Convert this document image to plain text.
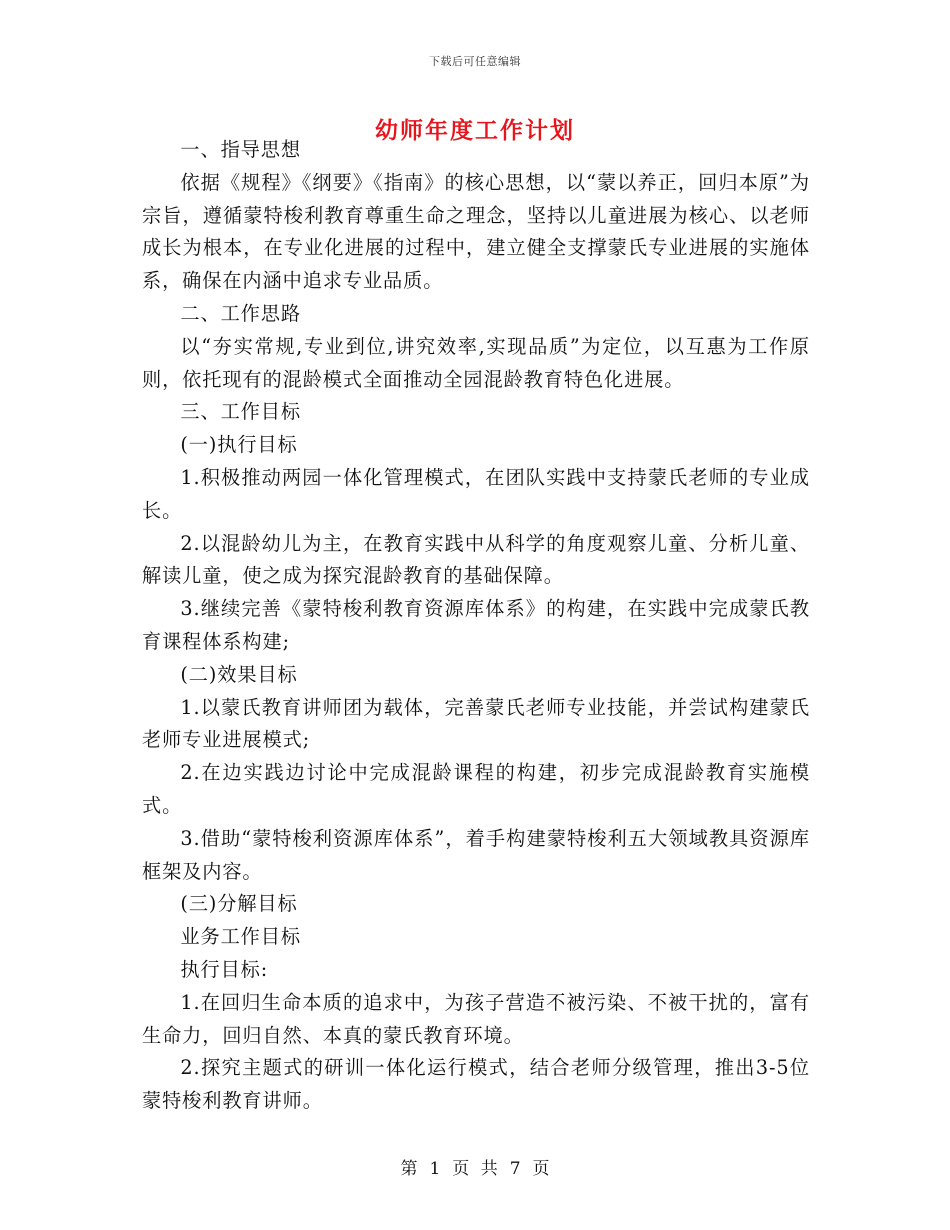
下载后可任意编辑
幼师年度工作计划

一、指导思想

依据《规程》《纲要》《指南》的核心思想，以“蒙以养正，回归本原”为宗旨，遵循蒙特梭利教育尊重生命之理念，坚持以儿童进展为核心、以老师成长为根本，在专业化进展的过程中，建立健全支撑蒙氏专业进展的实施体系，确保在内涵中追求专业品质。

二、工作思路

以“夯实常规,专业到位,讲究效率,实现品质”为定位，以互惠为工作原则，依托现有的混龄模式全面推动全园混龄教育特色化进展。

三、工作目标

(一)执行目标

1.积极推动两园一体化管理模式，在团队实践中支持蒙氏老师的专业成长。

2.以混龄幼儿为主，在教育实践中从科学的角度观察儿童、分析儿童、解读儿童，使之成为探究混龄教育的基础保障。

3.继续完善《蒙特梭利教育资源库体系》的构建，在实践中完成蒙氏教育课程体系构建;

(二)效果目标

1.以蒙氏教育讲师团为载体，完善蒙氏老师专业技能，并尝试构建蒙氏老师专业进展模式;

2.在边实践边讨论中完成混龄课程的构建，初步完成混龄教育实施模式。

3.借助“蒙特梭利资源库体系”，着手构建蒙特梭利五大领域教具资源库框架及内容。

(三)分解目标

业务工作目标

执行目标:

1.在回归生命本质的追求中，为孩子营造不被污染、不被干扰的，富有生命力，回归自然、本真的蒙氏教育环境。

2.探究主题式的研训一体化运行模式，结合老师分级管理，推出3-5位蒙特梭利教育讲师。

第 1 页 共 7 页
